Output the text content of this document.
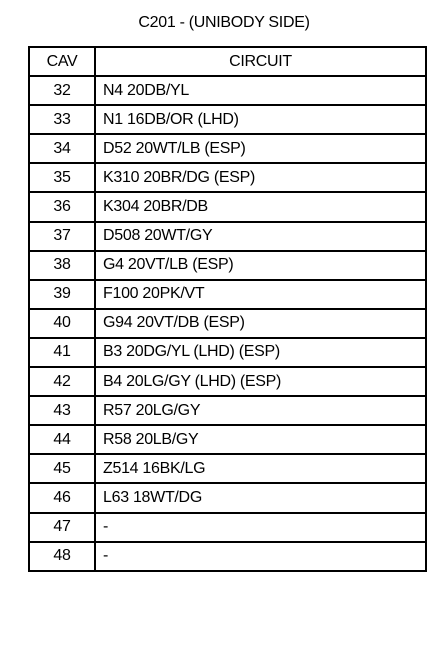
C201 - (UNIBODY SIDE)
CAV	CIRCUIT
32	N4 20DB/YL
33	N1 16DB/OR (LHD)
34	D52 20WT/LB (ESP)
35	K310 20BR/DG (ESP)
36	K304 20BR/DB
37	D508 20WT/GY
38	G4 20VT/LB (ESP)
39	F100 20PK/VT
40	G94 20VT/DB (ESP)
41	B3 20DG/YL (LHD) (ESP)
42	B4 20LG/GY (LHD) (ESP)
43	R57 20LG/GY
44	R58 20LB/GY
45	Z514 16BK/LG
46	L63 18WT/DG
47	-
48	-
